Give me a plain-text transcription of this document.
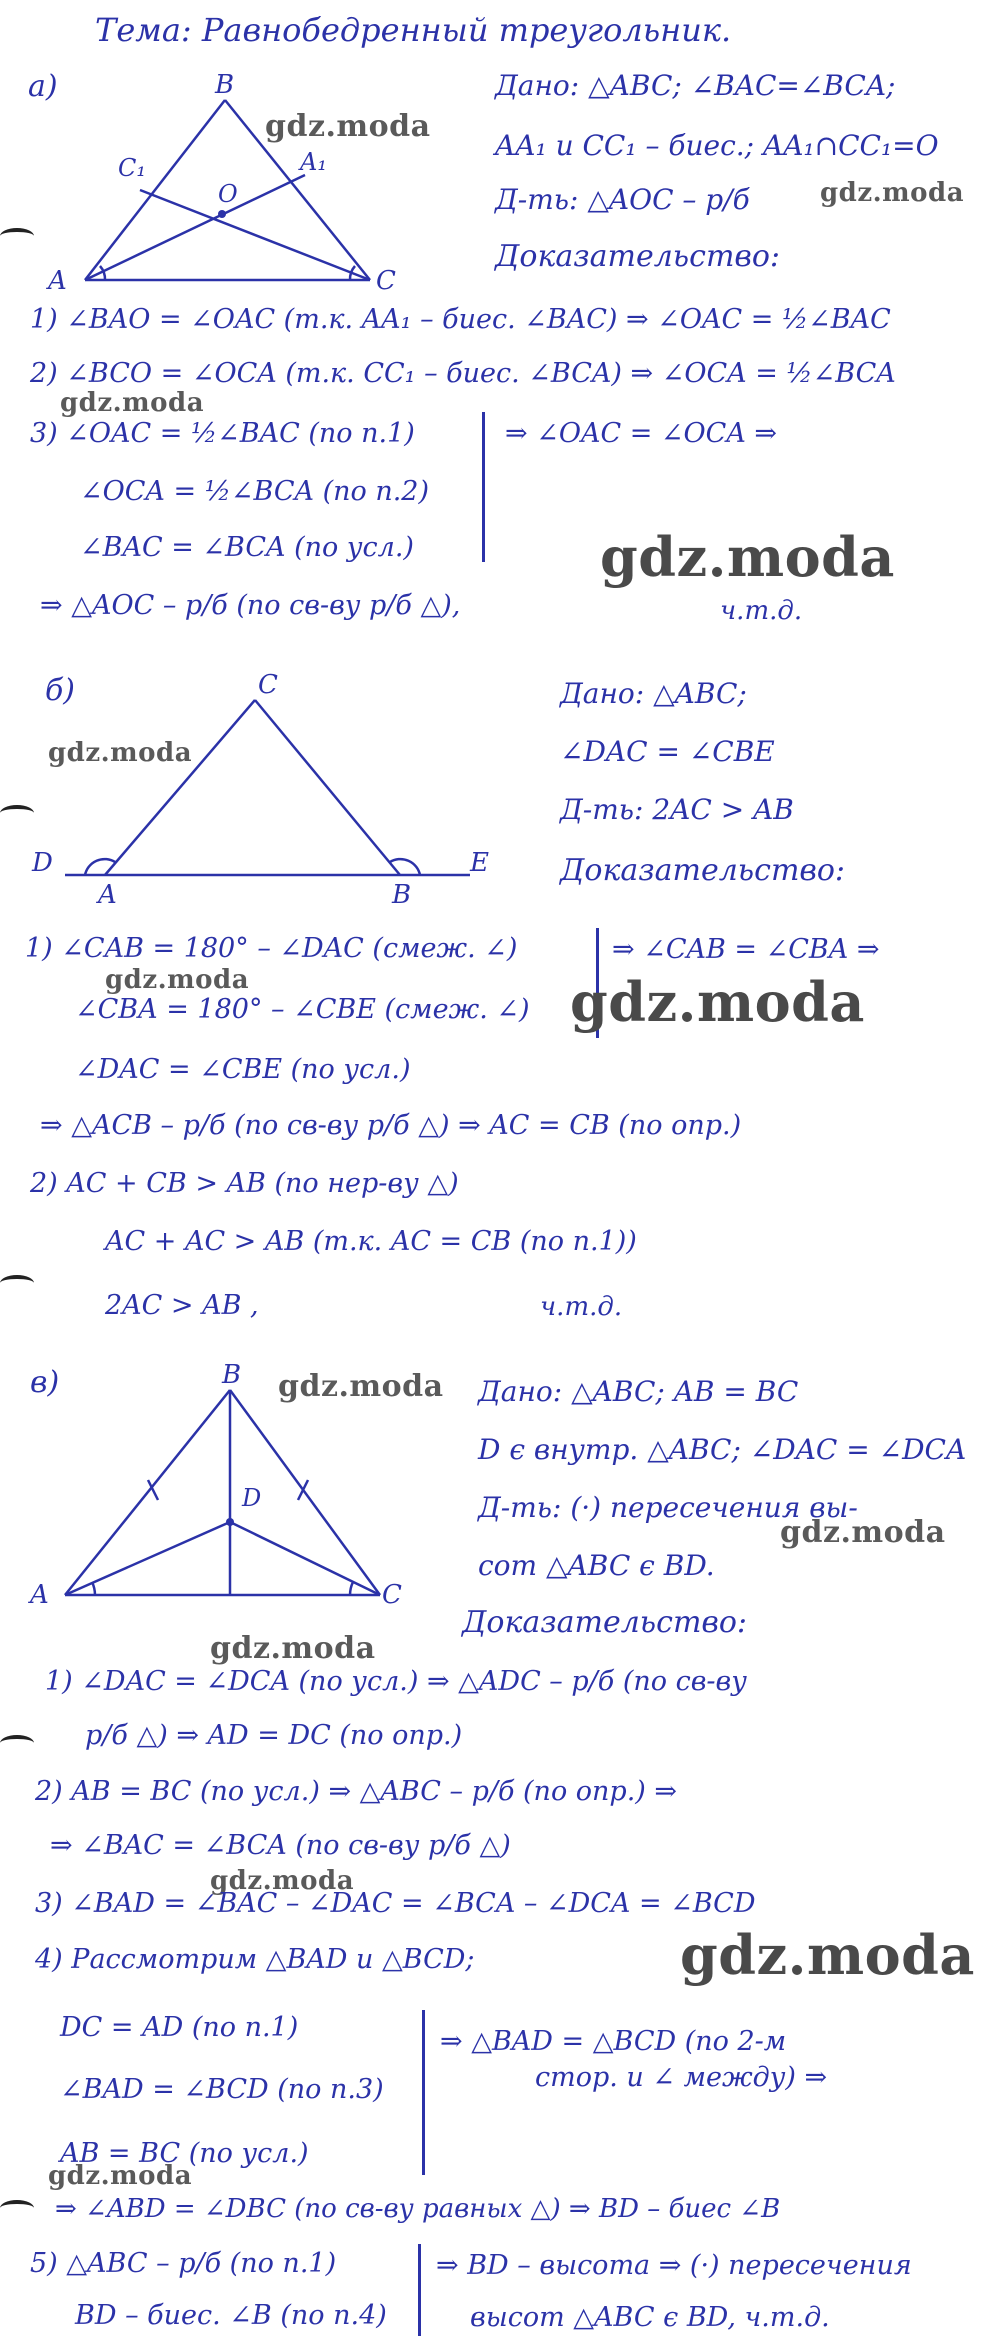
Тема: Равнобедренный треугольник.
а)	B
C₁	A₁
O
A	C
gdz.moda
Дано: △ABC; ∠BAC=∠BCA;
AA₁ и CC₁ – биес.; AA₁∩CC₁=O
Д-ть: △AOC – р/б	gdz.moda
Доказательство:
1) ∠BAO = ∠OAC (т.к. AA₁ – биес. ∠BAC) ⇒ ∠OAC = ½∠BAC
2) ∠BCO = ∠OCA (т.к. CC₁ – биес. ∠BCA) ⇒ ∠OCA = ½∠BCA
gdz.moda
3) ∠OAC = ½∠BAC (по п.1)
∠OCA = ½∠BCA (по п.2)
∠BAC = ∠BCA (по усл.)
⇒ ∠OAC = ∠OCA ⇒
gdz.moda
⇒ △AOC – р/б (по св-ву р/б △),	ч.т.д.
б)	C
D
A	B
E
gdz.moda
Дано: △ABC;
∠DAC = ∠CBE
Д-ть: 2AC > AB
Доказательство:
1) ∠CAB = 180° – ∠DAC (смеж. ∠)
gdz.moda
∠CBA = 180° – ∠CBE (смеж. ∠)
∠DAC = ∠CBE (по усл.)
⇒ ∠CAB = ∠CBA ⇒
gdz.moda
⇒ △ACB – р/б (по св-ву р/б △) ⇒ AC = CB (по опр.)
2) AC + CB > AB (по нер-ву △)
AC + AC > AB (т.к. AC = CB (по п.1))
2AC > AB ,	ч.т.д.
в)	B
D
A	C
gdz.moda Дано: △ABC; AB = BC
D є внутр. △ABC; ∠DAC = ∠DCA
Д-ть: (·) пересечения вы-
gdz.moda
сот △ABC є BD.
Доказательство:
gdz.moda
1) ∠DAC = ∠DCA (по усл.) ⇒ △ADC – р/б (по св-ву
р/б △) ⇒ AD = DC (по опр.)
2) AB = BC (по усл.) ⇒ △ABC – р/б (по опр.) ⇒
⇒ ∠BAC = ∠BCA (по св-ву р/б △)
gdz.moda
3) ∠BAD = ∠BAC – ∠DAC = ∠BCA – ∠DCA = ∠BCD
4) Рассмотрим △BAD и △BCD;	gdz.moda
DC = AD (по п.1)
∠BAD = ∠BCD (по п.3)
AB = BC (по усл.)
⇒ △BAD = △BCD (по 2-м
стор. и ∠ между) ⇒
gdz.moda
⇒ ∠ABD = ∠DBC (по св-ву равных △) ⇒ BD – биес ∠B
5) △ABC – р/б (по п.1)
BD – биес. ∠B (по п.4)
⇒ BD – высота ⇒ (·) пересечения
высот △ABC є BD, ч.т.д.
